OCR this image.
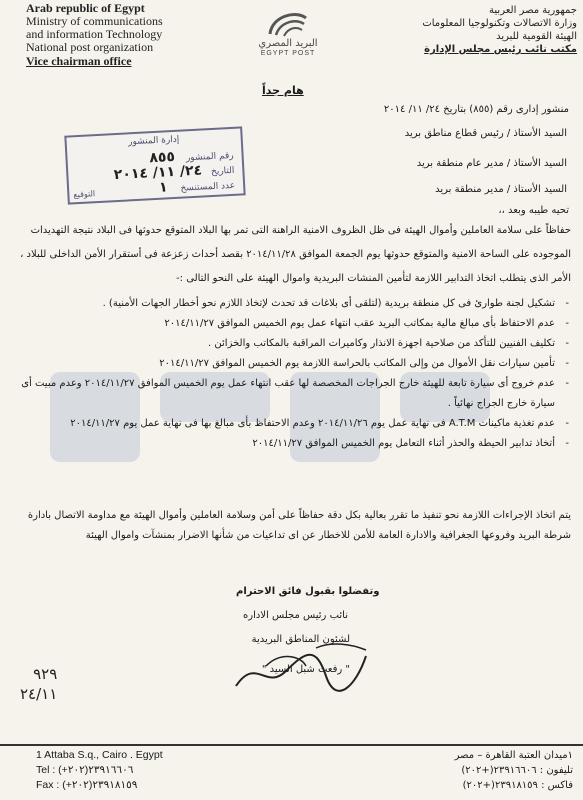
Arab republic of Egypt
Ministry of communications
and information Technology
National post organization
Vice chairman office
البريد المصري
EGYPT POST
جمهورية مصر العربية
وزارة الاتصالات وتكنولوجيا المعلومات
الهيئة القومية للبريد
مكتب نائب رئيس مجلس الإدارة
هام جداً
منشور إدارى رقم (٨٥٥) بتاريخ ٢٤/ ١١/ ٢٠١٤
السيد الأستاذ / رئيس قطاع مناطق بريد
السيد الأستاذ / مدير عام منطقة بريد
السيد الأستاذ / مدير منطقة بريد
إدارة المنشور
رقم المنشور ٨٥٥
التاريخ ٢٤/ ١١/ ٢٠١٤
عدد المستنسخ ١
التوقيع
تحيه طيبه وبعد ،،
حفاظاً على سلامة العاملين وأموال الهيئة فى ظل الظروف الامنية الراهنة التى تمر بها البلاد المتوقع حدوثها فى البلاد نتيجة التهديدات الموجوده على الساحة الامنية والمتوقع حدوثها يوم الجمعة الموافق ٢٠١٤/١١/٢٨ بقصد أحداث زعزعة فى أستقرار الأمن الداخلى للبلاد ، الأمر الذى يتطلب اتخاذ التدابير اللازمة لتأمين المنشات البريدية واموال الهيئة على النحو التالى :-
-
تشكيل لجنة طوارئ فى كل منطقة بريدية (لتلقى أى بلاغات قد تحدث لإتخاذ اللازم نحو أخطار الجهات الأمنية) .
-
عدم الاحتفاظ بأى مبالغ مالية بمكاتب البريد عقب انتهاء عمل يوم الخميس الموافق ٢٠١٤/١١/٢٧
-
تكليف الفنيين للتأكد من صلاحية اجهزة الانذار وكاميرات المراقبة بالمكاتب والخزائن .
-
تأمين سيارات نقل الأموال من وإلى المكاتب بالحراسة اللازمة يوم الخميس الموافق ٢٠١٤/١١/٢٧
-
عدم خروج أى سيارة تابعة للهيئة خارج الجراجات المخصصة لها عقب انتهاء عمل يوم الخميس الموافق ٢٠١٤/١١/٢٧ وعدم مبيت أى سيارة خارج الجراج نهائياً .
-
عدم تغذية ماكينات A.T.M فى نهاية عمل يوم ٢٠١٤/١١/٢٦ وعدم الاحتفاظ بأى مبالغ بها فى نهاية عمل يوم ٢٠١٤/١١/٢٧
-
أتخاذ تدابير الحيطة والحذر أثناء التعامل يوم الخميس الموافق ٢٠١٤/١١/٢٧
يتم اتخاذ الإجراءات اللازمة نحو تنفيذ ما تقرر بعالية بكل دقة حفاظاً على أمن وسلامة العاملين وأموال الهيئة مع مداومة الاتصال بادارة شرطة البريد وفروعها الجغرافية والادارة العامة للأمن للاخطار عن اى تداعيات من شأنها الاضرار بمنشآت واموال الهيئة
وتفضلوا بقبول فائق الاحترام
نائب رئيس مجلس الاداره
لشئون المناطق البريدية
" رفعت شبل السيد "
٩٢٩
٢٤/١١
1 Attaba S.q., Cairo . Egypt
Tel : (+٢٠٢)٢٣٩١٦٦٠٦
Fax : (+٢٠٢)٢٣٩١٨١٥٩
١ميدان العتبة القاهرة – مصر
تليفون : ٢٣٩١٦٦٠٦(+٢٠٢)
فاكس : ٢٣٩١٨١٥٩(+٢٠٢)
